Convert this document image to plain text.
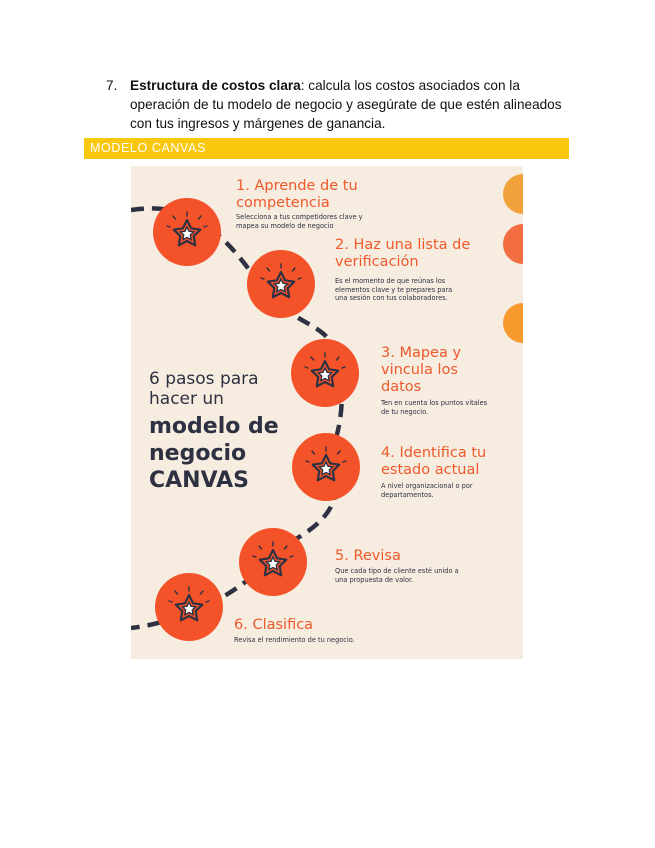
7. Estructura de costos clara: calcula los costos asociados con la operación de tu modelo de negocio y asegúrate de que estén alineados con tus ingresos y márgenes de ganancia.
MODELO CANVAS
6 pasos para
hacer un
modelo de
negocio
CANVAS
1. Aprende de tu
competencia
Selecciona a tus competidores clave y
mapea su modelo de negocio
2. Haz una lista de
verificación
Es el momento de que reúnas los
elementos clave y te prepares para
una sesión con tus colaboradores.
3. Mapea y
vincula los
datos
Ten en cuenta los puntos vitales
de tu negocio.
4. Identifica tu
estado actual
A nivel organizacional o por
departamentos.
5. Revisa
Que cada tipo de cliente esté unido a
una propuesta de valor.
6. Clasifica
Revisa el rendimiento de tu negocio.
